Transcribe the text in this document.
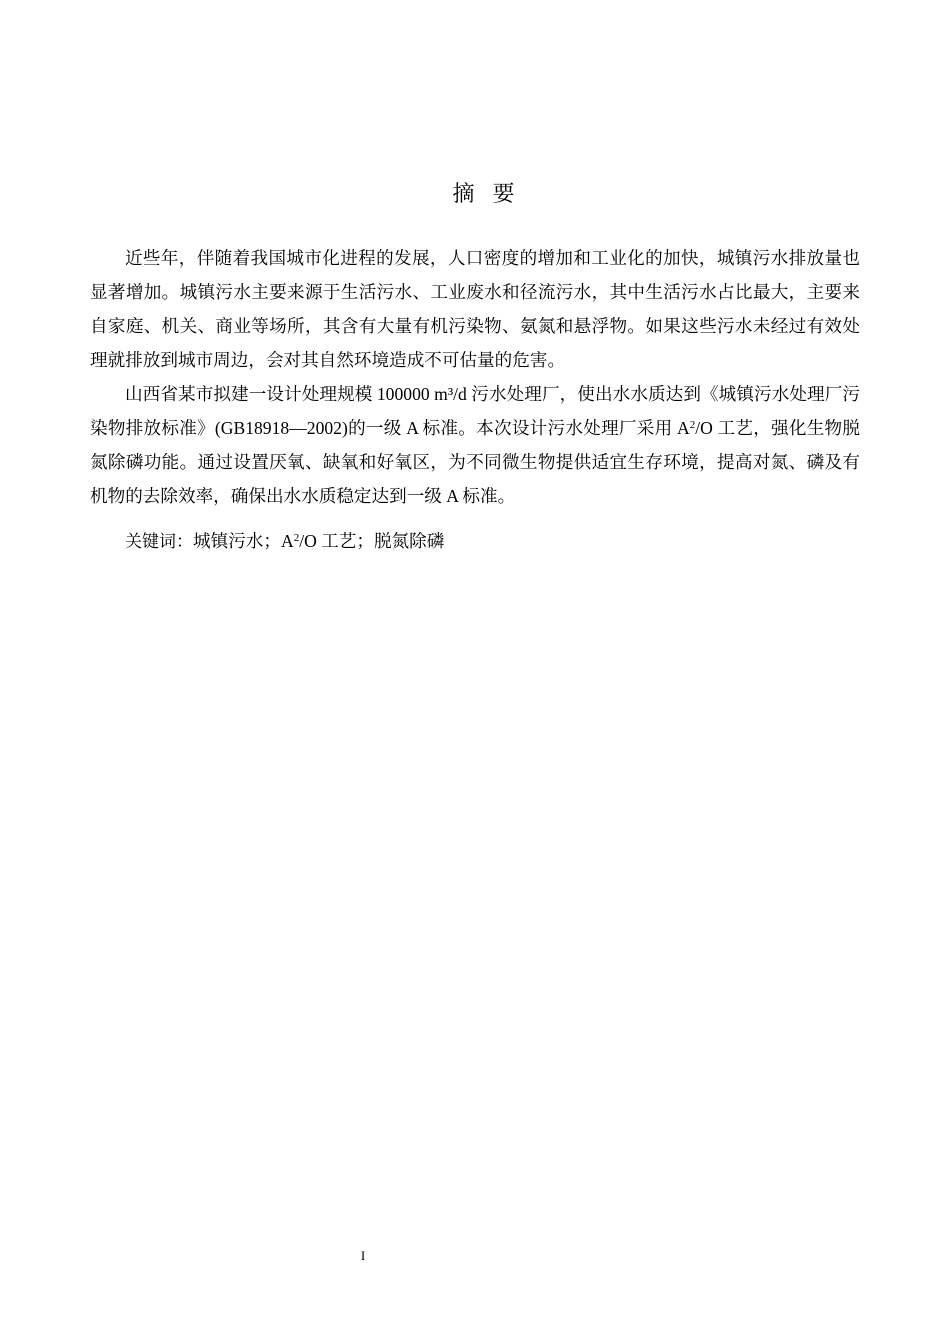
摘要

近些年，伴随着我国城市化进程的发展，人口密度的增加和工业化的加快，城镇污水排放量也显著增加。城镇污水主要来源于生活污水、工业废水和径流污水，其中生活污水占比最大，主要来自家庭、机关、商业等场所，其含有大量有机污染物、氨氮和悬浮物。如果这些污水未经过有效处理就排放到城市周边，会对其自然环境造成不可估量的危害。

山西省某市拟建一设计处理规模 100000 m³/d 污水处理厂，使出水水质达到《城镇污水处理厂污染物排放标准》(GB18918—2002)的一级 A 标准。本次设计污水处理厂采用 $A^2/O$ 工艺，强化生物脱氮除磷功能。通过设置厌氧、缺氧和好氧区，为不同微生物提供适宜生存环境，提高对氮、磷及有机物的去除效率，确保出水水质稳定达到一级 A 标准。

关键词：城镇污水；$A^2/O$ 工艺；脱氮除磷
I
